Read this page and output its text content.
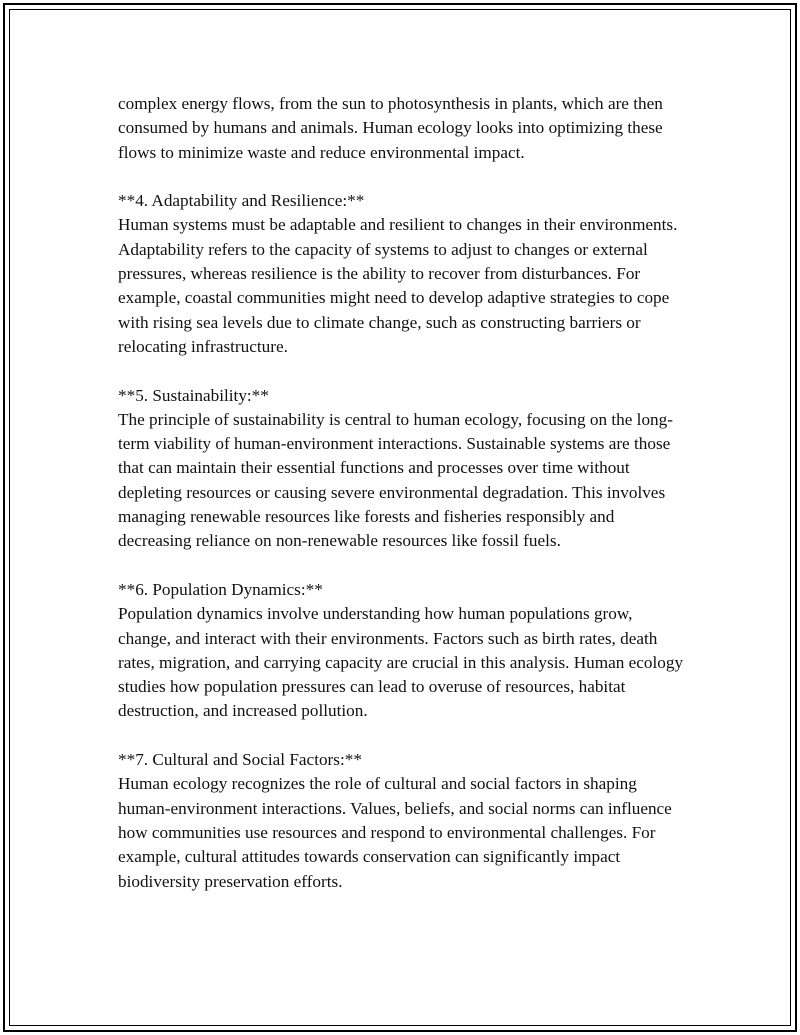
complex energy flows, from the sun to photosynthesis in plants, which are then consumed by humans and animals. Human ecology looks into optimizing these flows to minimize waste and reduce environmental impact.

**4. Adaptability and Resilience:**

Human systems must be adaptable and resilient to changes in their environments. Adaptability refers to the capacity of systems to adjust to changes or external pressures, whereas resilience is the ability to recover from disturbances. For example, coastal communities might need to develop adaptive strategies to cope with rising sea levels due to climate change, such as constructing barriers or relocating infrastructure.

**5. Sustainability:**

The principle of sustainability is central to human ecology, focusing on the long-term viability of human-environment interactions. Sustainable systems are those that can maintain their essential functions and processes over time without depleting resources or causing severe environmental degradation. This involves managing renewable resources like forests and fisheries responsibly and decreasing reliance on non-renewable resources like fossil fuels.

**6. Population Dynamics:**

Population dynamics involve understanding how human populations grow, change, and interact with their environments. Factors such as birth rates, death rates, migration, and carrying capacity are crucial in this analysis. Human ecology studies how population pressures can lead to overuse of resources, habitat destruction, and increased pollution.

**7. Cultural and Social Factors:**

Human ecology recognizes the role of cultural and social factors in shaping human-environment interactions. Values, beliefs, and social norms can influence how communities use resources and respond to environmental challenges. For example, cultural attitudes towards conservation can significantly impact biodiversity preservation efforts.
